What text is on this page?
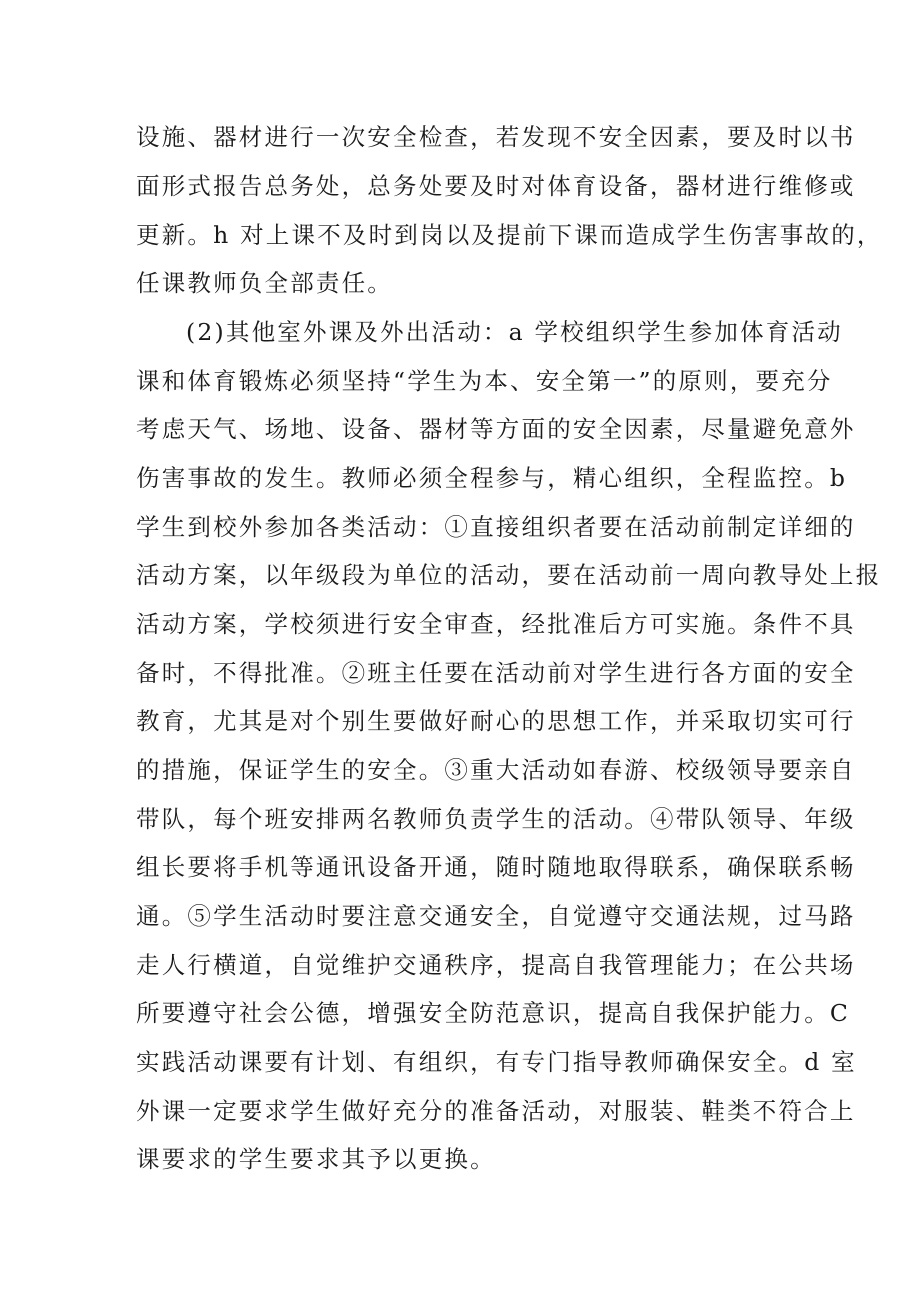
设施、器材进行一次安全检查，若发现不安全因素，要及时以书
面形式报告总务处，总务处要及时对体育设备，器材进行维修或
更新。h 对上课不及时到岗以及提前下课而造成学生伤害事故的，
任课教师负全部责任。
(2)其他室外课及外出活动：a 学校组织学生参加体育活动
课和体育锻炼必须坚持“学生为本、安全第一”的原则，要充分
考虑天气、场地、设备、器材等方面的安全因素，尽量避免意外
伤害事故的发生。教师必须全程参与，精心组织，全程监控。b
学生到校外参加各类活动：①直接组织者要在活动前制定详细的
活动方案，以年级段为单位的活动，要在活动前一周向教导处上报
活动方案，学校须进行安全审查，经批准后方可实施。条件不具
备时，不得批准。②班主任要在活动前对学生进行各方面的安全
教育，尤其是对个别生要做好耐心的思想工作，并采取切实可行
的措施，保证学生的安全。③重大活动如春游、校级领导要亲自
带队，每个班安排两名教师负责学生的活动。④带队领导、年级
组长要将手机等通讯设备开通，随时随地取得联系，确保联系畅
通。⑤学生活动时要注意交通安全，自觉遵守交通法规，过马路
走人行横道，自觉维护交通秩序，提高自我管理能力；在公共场
所要遵守社会公德，增强安全防范意识，提高自我保护能力。C
实践活动课要有计划、有组织，有专门指导教师确保安全。d 室
外课一定要求学生做好充分的准备活动，对服装、鞋类不符合上
课要求的学生要求其予以更换。
